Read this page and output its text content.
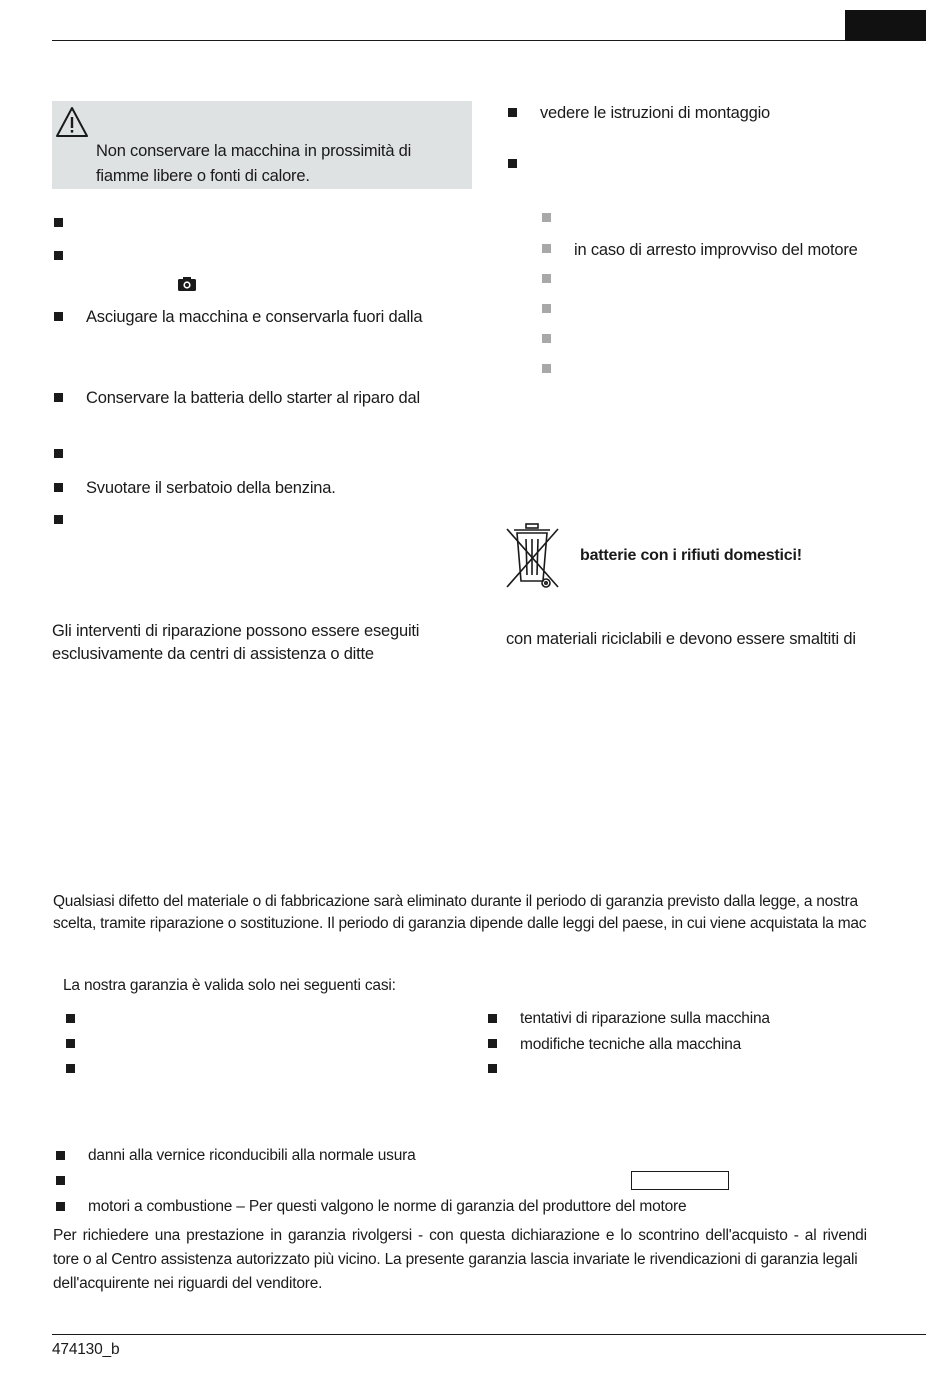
Non conservare la macchina in prossimità di
fiamme libere o fonti di calore.
Asciugare la macchina e conservarla fuori dalla
Conservare la batteria dello starter al riparo dal
Svuotare il serbatoio della benzina.
Gli interventi di riparazione possono essere eseguiti
esclusivamente da centri di assistenza o ditte
vedere le istruzioni di montaggio
in caso di arresto improvviso del motore
batterie con i rifiuti domestici!
con materiali riciclabili e devono essere smaltiti di
Qualsiasi difetto del materiale o di fabbricazione sarà eliminato durante il periodo di garanzia previsto dalla legge, a nostra
scelta, tramite riparazione o sostituzione. Il periodo di garanzia dipende dalle leggi del paese, in cui viene acquistata la mac
La nostra garanzia è valida solo nei seguenti casi:
tentativi di riparazione sulla macchina
modifiche tecniche alla macchina
danni alla vernice riconducibili alla normale usura
motori a combustione – Per questi valgono le norme di garanzia del produttore del motore
Per richiedere una prestazione in garanzia rivolgersi - con questa dichiarazione e lo scontrino dell'acquisto - al rivendi
tore o al Centro assistenza autorizzato più vicino. La presente garanzia lascia invariate le rivendicazioni di garanzia legali
dell'acquirente nei riguardi del venditore.
474130_b
